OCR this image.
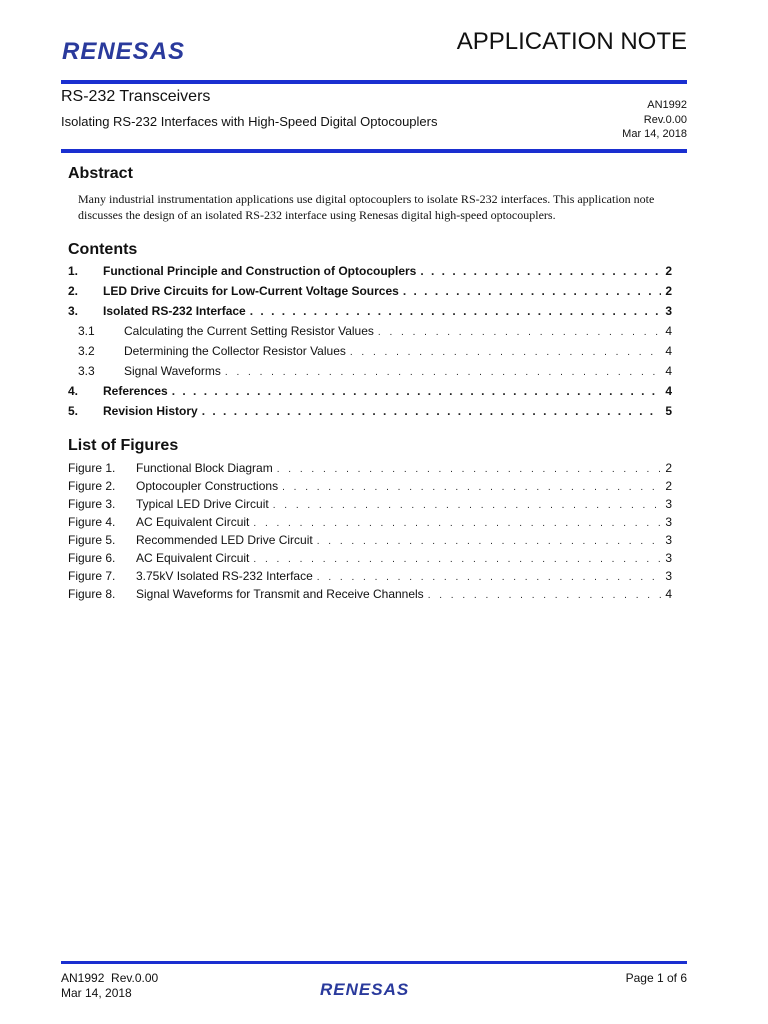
RENESAS	APPLICATION NOTE
RS-232 Transceivers
Isolating RS-232 Interfaces with High-Speed Digital Optocouplers
AN1992
Rev.0.00
Mar 14, 2018
Abstract
Many industrial instrumentation applications use digital optocouplers to isolate RS-232 interfaces. This application note discusses the design of an isolated RS-232 interface using Renesas digital high-speed optocouplers.
Contents
1.	Functional Principle and Construction of Optocouplers . . .	2
2.	LED Drive Circuits for Low-Current Voltage Sources . . .	2
3.	Isolated RS-232 Interface . . .	3
3.1	Calculating the Current Setting Resistor Values . . .	4
3.2	Determining the Collector Resistor Values . . .	4
3.3	Signal Waveforms . . .	4
4.	References . . .	4
5.	Revision History . . .	5
List of Figures
Figure 1.	Functional Block Diagram . . .	2
Figure 2.	Optocoupler Constructions . . .	2
Figure 3.	Typical LED Drive Circuit . . .	3
Figure 4.	AC Equivalent Circuit . . .	3
Figure 5.	Recommended LED Drive Circuit . . .	3
Figure 6.	AC Equivalent Circuit . . .	3
Figure 7.	3.75kV Isolated RS-232 Interface . . .	3
Figure 8.	Signal Waveforms for Transmit and Receive Channels . . .	4
AN1992  Rev.0.00
Mar 14, 2018	RENESAS
Page 1 of 6
